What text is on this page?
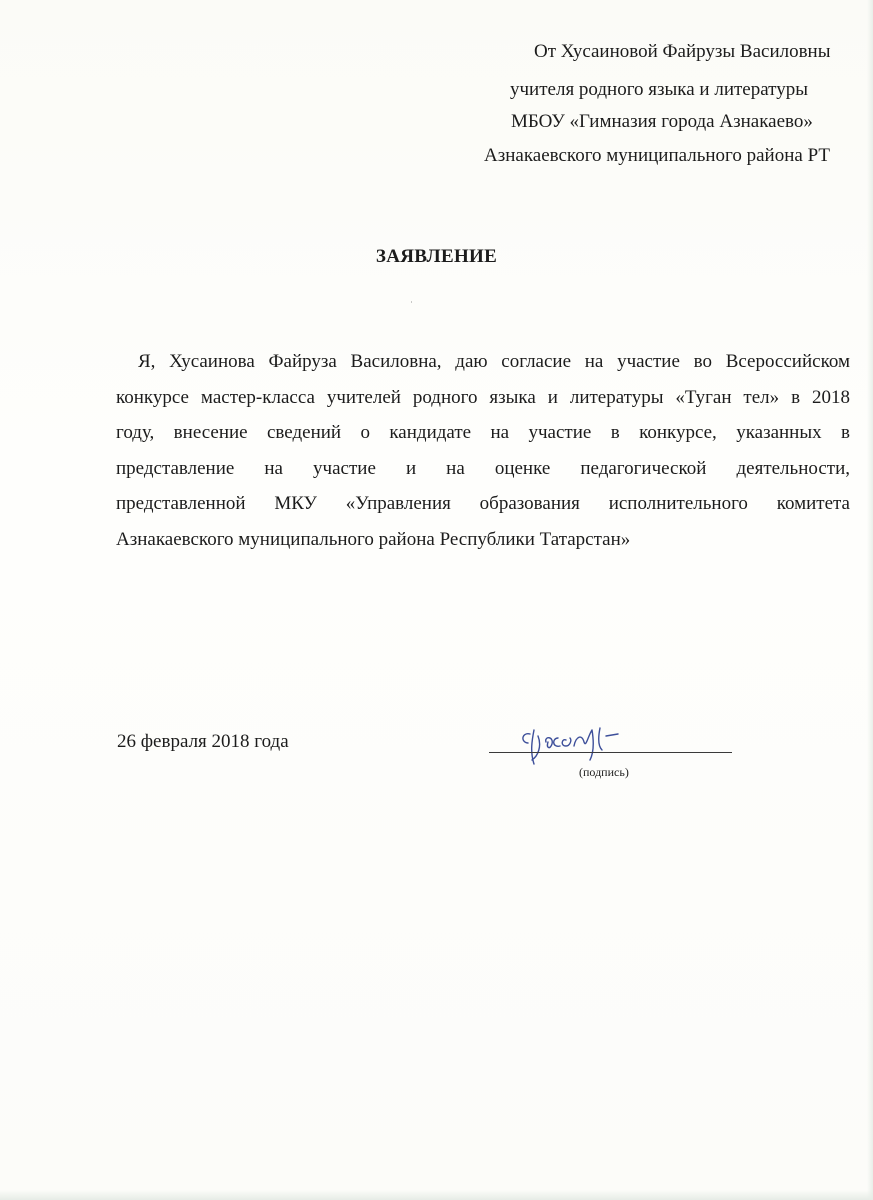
От Хусаиновой Файрузы Василовны
учителя родного языка и литературы
МБОУ «Гимназия города Азнакаево»
Азнакаевского муниципального района РТ
ЗАЯВЛЕНИЕ
ʾ
Я, Хусаинова Файруза Василовна, даю согласие на участие во Всероссийском
конкурсе мастер-класса учителей родного языка и литературы «Туган тел» в 2018
году, внесение сведений о кандидате на участие в конкурсе, указанных в
представление на участие и на оценке педагогической деятельности,
представленной МКУ «Управления образования исполнительного комитета
Азнакаевского муниципального района Республики Татарстан»
26 февраля 2018 года
(подпись)
